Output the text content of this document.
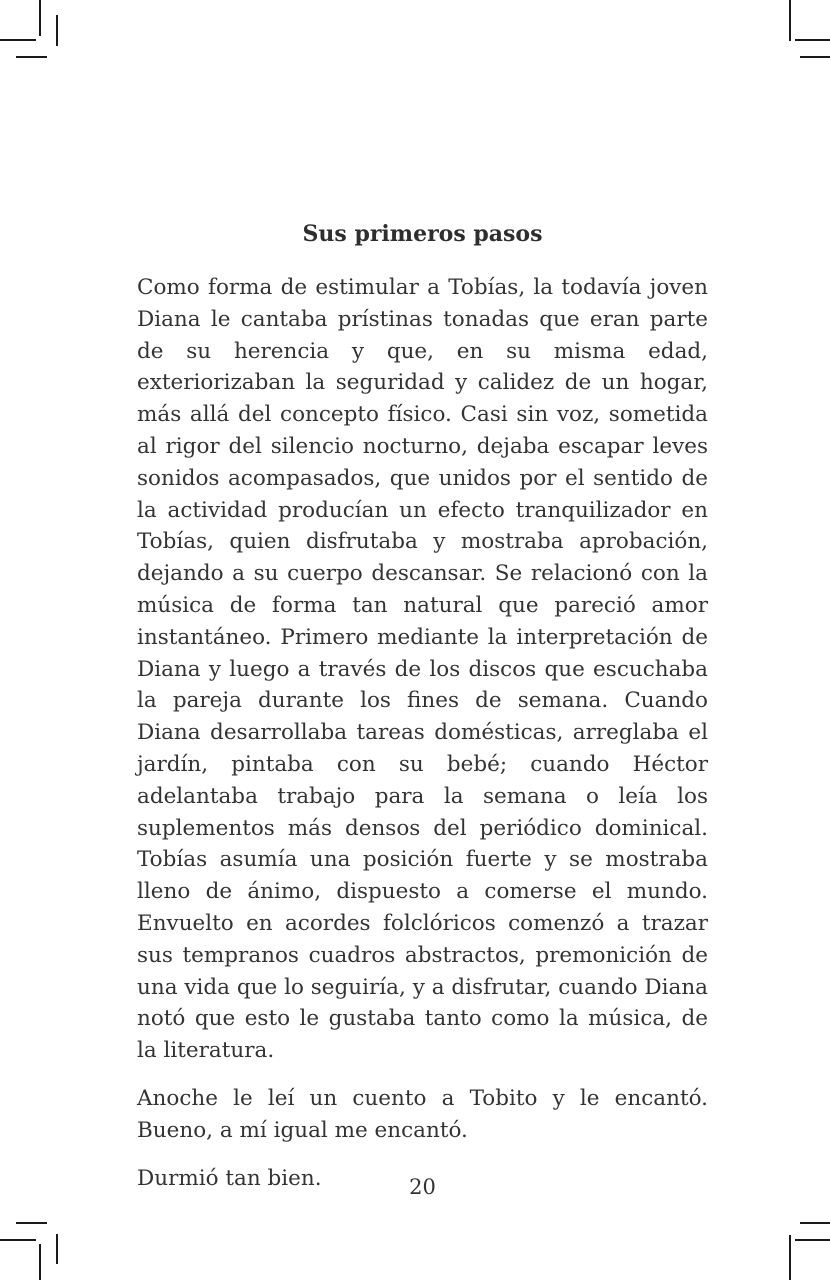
Sus primeros pasos

Como forma de estimular a Tobías, la todavía joven Diana le cantaba prístinas tonadas que eran parte de su herencia y que, en su misma edad, exteriorizaban la seguridad y calidez de un hogar, más allá del concepto físico. Casi sin voz, sometida al rigor del silencio nocturno, dejaba escapar leves sonidos acompasados, que unidos por el sentido de la actividad producían un efecto tranquilizador en Tobías, quien disfrutaba y mostraba aprobación, dejando a su cuerpo descansar. Se relacionó con la música de forma tan natural que pareció amor instantáneo. Primero mediante la interpretación de Diana y luego a través de los discos que escuchaba la pareja durante los fines de semana. Cuando Diana desarrollaba tareas domésticas, arreglaba el jardín, pintaba con su bebé; cuando Héctor adelantaba trabajo para la semana o leía los suplementos más densos del periódico dominical. Tobías asumía una posición fuerte y se mostraba lleno de ánimo, dispuesto a comerse el mundo. Envuelto en acordes folclóricos comenzó a trazar sus tempranos cuadros abstractos, premonición de una vida que lo seguiría, y a disfrutar, cuando Diana notó que esto le gustaba tanto como la música, de la literatura.

Anoche le leí un cuento a Tobito y le encantó. Bueno, a mí igual me encantó.

Durmió tan bien.	20
